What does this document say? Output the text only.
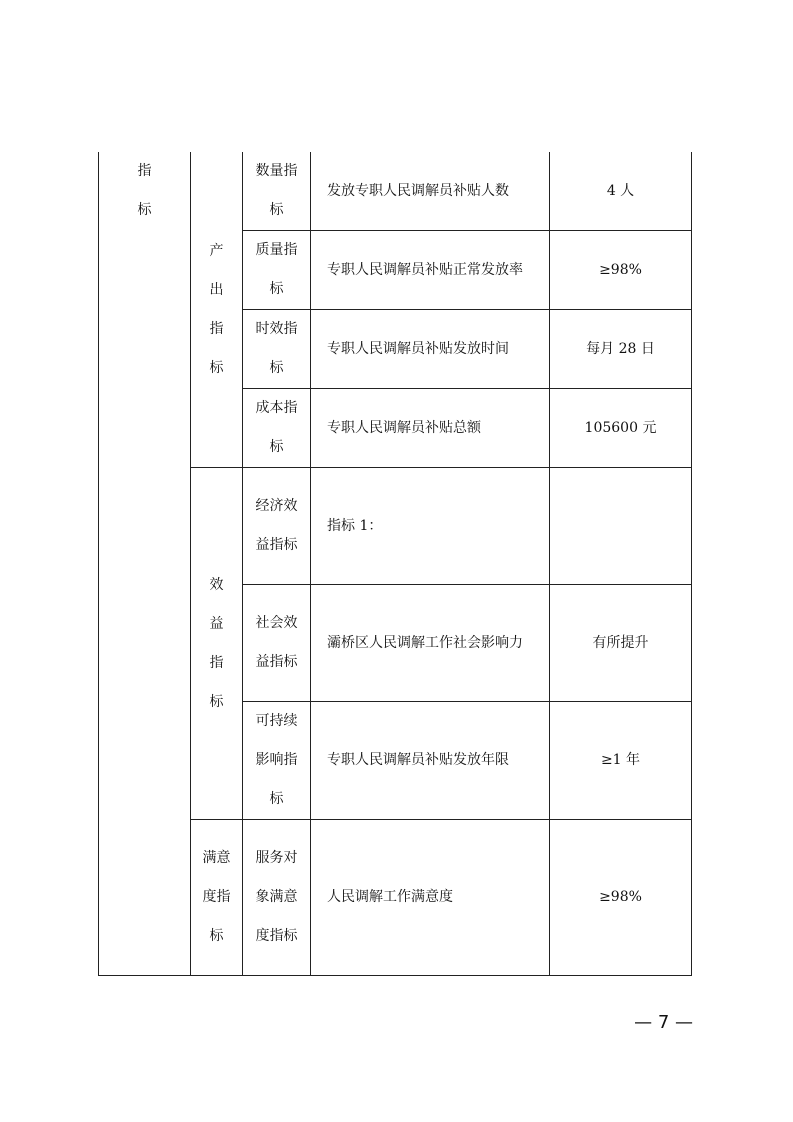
指标	产出指标	数量指标	发放专职人民调解员补贴人数	4 人

		质量指标	专职人民调解员补贴正常发放率	≥98%

		时效指标	专职人民调解员补贴发放时间	每月 28 日

		成本指标	专职人民调解员补贴总额	105600 元

	效益指标	经济效益指标	指标 1：	

		社会效益指标	灞桥区人民调解工作社会影响力	有所提升

		可持续影响指标	专职人民调解员补贴发放年限	≥1 年

	满意度指标	服务对象满意度指标	人民调解工作满意度	≥98%
— 7 —
